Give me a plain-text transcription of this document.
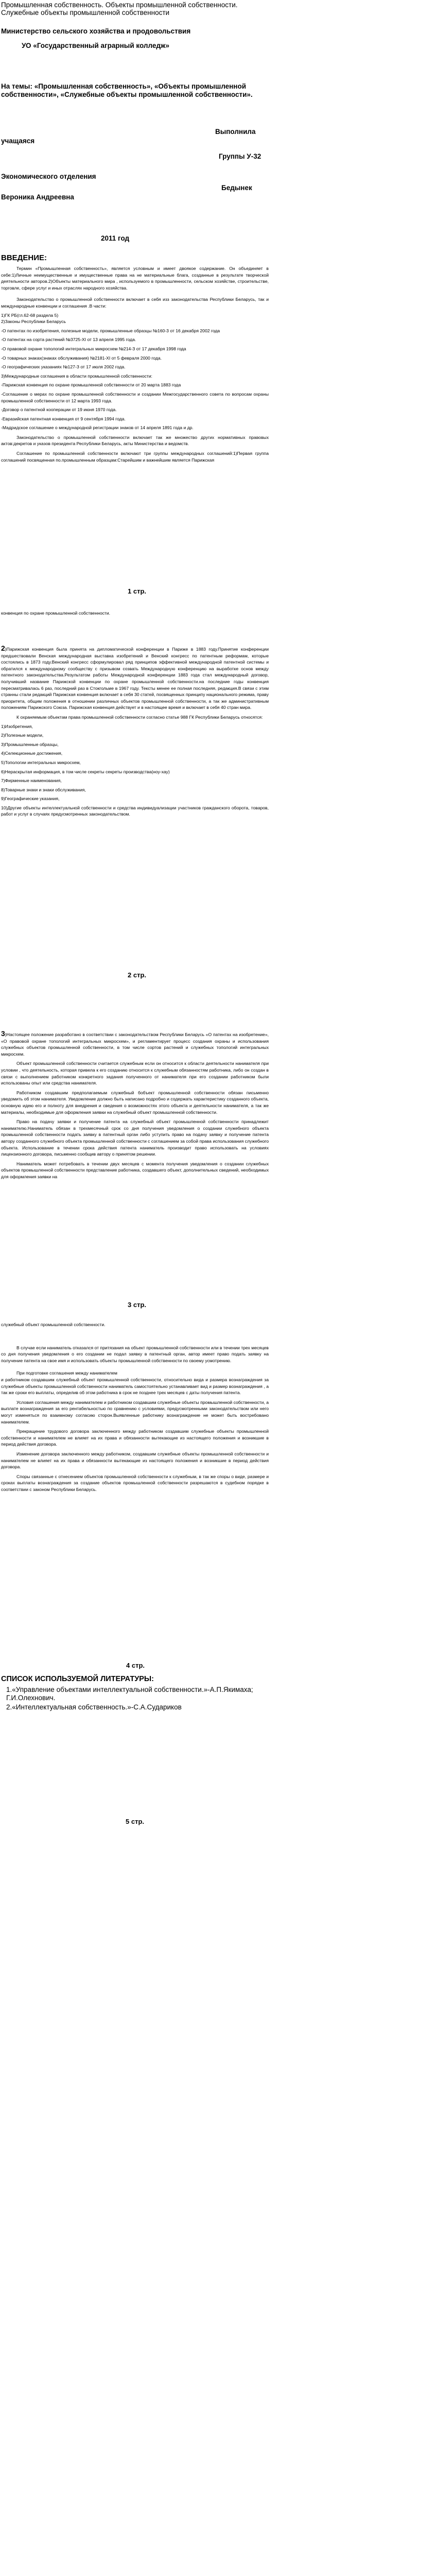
Промышленная собственность. Объекты промышленной собственности. Служебные объекты промышленной собственности
Министерство сельского хозяйства и продовольствия
УО «Государственный аграрный колледж»
На темы: «Промышленная собственность», «Объекты промышленной собственности», «Служебные объекты промышленной собственности».
Выполнила
учащаяся
Группы У-32
Экономического отделения
Бедынек
Вероника Андреевна
2011 год
ВВЕДЕНИЕ:

Термин «Промышленная собственность», является условным и имеет двоякое содержание. Он объединяет в себе:1)Личные неимущественные и имущественные права на не материальные блага, созданные в результате творческой деятельности авторов.2)Объекты материального мира , используемого в промышленности, сельском хозяйстве, строительстве, торговле, сфере услуг и иных отраслях народного хозяйства.

Законодательство о промышленной собственности включает в себя изз законодательства Республики Беларусь, так и международные конвенции и соглашения .В части:

1)ГК РБ(гл.62-68 раздела 5)

2)Законы Республики Беларусь

-О патентах по изобретения, полезные модели, промышленные образцы №160-3 от 16 декабря 2002 года

-О патентах на сорта растений №3725-ХІ от 13 апреля 1995 года.

-О правовой охране топологий интегральных микросхем №214-З от 17 декабря 1998 года

-О товарных знаках(знаках обслуживания) №2181-ХІ от 5 февраля 2000 года.

-О географических указаниях №127-З от 17 июля 2002 года.

3)Международные соглашения в области промышленной собственности:

-Парижская конвенция по охране промышленной собственности от 20 марта 1883 года

-Соглашение о мерах по охране промышленной собственности и создании Межгосударственного совета по вопросам охраны промышленной собственности от 12 марта 1993 года.

-Договор о патентной кооперации от 19 июня 1970 года.

-Евразийская патентная конвенция от 9 сентября 1994 года.

-Мадридское соглашение о международной регистрации знаков от 14 апреля 1891 года и др.

Законодательство о промышленной собственности включает так же множество других нормативных правовых актов:декретов и указов президента Республики Беларусь, акты Министерства и ведомств.

Соглашение по промышленной собственности включают три группы международных соглашений:1)Первая группа соглашений посвященная по.промышленным образцам:Старейшим и важнейшим является Парижская

1 стр.
конвенция по охране промышленной собственности.

2)Парижская конвенция была принята на дипломатической конференции в Париже в 1883 году.Принятие конференции предшествовали Венская международная выставка изобретений и Венский конгресс по патентным реформам, которые состоялись в 1873 году.Венский конгресс сформулировал ряд принципов эффективной международной патентной системы и обратился к международному сообществу с призывом созвать Международную конференцию на выработке основ между патентного законодательства.Результатом работы Международной конференции 1883 года стал международный договор, получивший название Парижской конвенции по охране промышленной собственности.на последние годы конвенция пересматривалась 6 раз, последний раз в Стокгольме в 1967 году. Тексты менее ее полная последняя, редакция.В связи с этим странны стали редакций Парижская конвенция включает в себя 30 статей, посвященных принципу национального режима, праву приоритета, общим положения в отношении различных объектов промышленной собственности, а так же административным положениям Парижского Союза. Парижская конвенция действует и в настоящее время и включает в себя 40 стран мира.

К охраняемым объектам права промышленной собственности согласно статье 988 ГК Республики Беларусь относятся:

1)Изобретения,

2)Полезные модели,

3)Промышленные образцы,

4)Селекционные достижения,

5)Топологии интегральных микросхем,

6)Нераскрытая информация, в том числе секреты секреты производства(ноу-хау)

7)Фирменные наименования,

8)Товарные знаки и знаки обслуживания,

9)Географические указания,

10)Другие объекты интеллектуальной собственности и средства индивидуализации участников гражданского оборота, товаров, работ и услуг в случаях предусмотренных законодательством.

2 стр.

3)Настоящее положение разработано в соответствии с законодательством Республики Беларусь «О патентах на изобретение», «О правовой охране топологий интегральных микросхем», и регламентирует процесс создания охраны и использования служебных объектов промышленной собственности, в том числе сортов растений и служебных топологий интегральных микросхем.

Объект промышленной собственности считается служебным если он относится к области деятельности нанимателя при условии , что деятельность, которая привела к его созданию относится к служебным обязанностям работника, либо он создан в связи с выполнением работником конкретного задания полученного от нанимателя при его создании работником были использованы опыт или средства нанимателя.

Работником создавшим предполагаемым служебный бобъект промышленной собственности обязан письменно уведомить об этом нанимателя. Уведомление должно быть написано подробно и содержать характеристику созданного объекта, основную идею его и полноту для внедрения и сведения о возможностях этого объекта и деятельности нанимателя, а так же материалы, необходимые для оформления заявки на служебный объект промышленной собственности.

Право на подачу заявки и получение патента на служебный объект промышленной собственности принадлежит нанимателю.Наниматель обязан в трехмесячный срок со дня получения уведомления о создании служебного объекта промышленной собственности подать заявку в патентный орган либо уступить право на подачу заявку и получение патента автору созданного служебного объекта промышленной собственности с соглашением за собой права использования служебного объекта. Использование в течении срока действия патента наниматель производит право использовать на условиях лицензионного договора, письменно сообщив автору о принятом решении.

Наниматель может потребовать в течении двух месяцев с момента получения уведомления о создании служебных объектов промышленной собственности представление работника, создавшего объект, дополнительных сведений, необходимых для оформления заявки на

3 стр.

служебный объект промышленной собственности.

В случае если наниматель отказался от притязания на объект промышленной собственности или в течении трех месяцев со дня получения уведомления о его создании не подал заявку в патентный орган, автор имеет право подать заявку на получение патента на свое имя и использовать объекты промышленной собственности по своему усмотрению.

При подготовке соглашения между нанимателем

и работником создавшим служебный объект промышленной собственности, относительно вида и размера вознаграждения за служебные объекты промышленной собственности наниматель самостоятельно устанавливает вид и размер вознаграждения , а так же сроки его выплаты, определив об этом работника в срок не позднее трех месяцев с даты получения патента.

Условия соглашения между нанимателем и работником создавшим служебные объекты промышленной собственности, а выплате вознаграждения за его рентабельностью по сравнению с условиями, предусмотренными законодательством или него могут изменяться по взаимному согласию сторон.Выявленные работнику вознаграждение не может быть востребовано нанимателем.

Прекращение трудового договора заключенного между работником создавшим служебные объекты промышленной собственности и нанимателем не влияет на их права и обязанности вытекающие из настоящего положения и возникшие в период действия договора.

Изменение договора заключенного между работником, создавшим служебные объекты промышленной собственности и нанимателем не влияет на их права и обязанности вытекающие из настоящего положения и возникшие в период действия договора.

Споры связанные с отнесением объектов промышленной собственности к служебным, в так же споры о виде, размере и сроках выплаты вознаграждения за создание объектов промышленной собственности разрешаются в судебном порядке в соответствии с законом Республики Беларусь.

4 стр.
СПИСОК ИСПОЛЬЗУЕМОЙ ЛИТЕРАТУРЫ:
1.«Управление объектами интеллектуальной собственности.»-А.П.Якимаха; Г.И.Олехнович.
2.«Интеллектуальная собственность.»-С.А.Судариков
5 стр.
